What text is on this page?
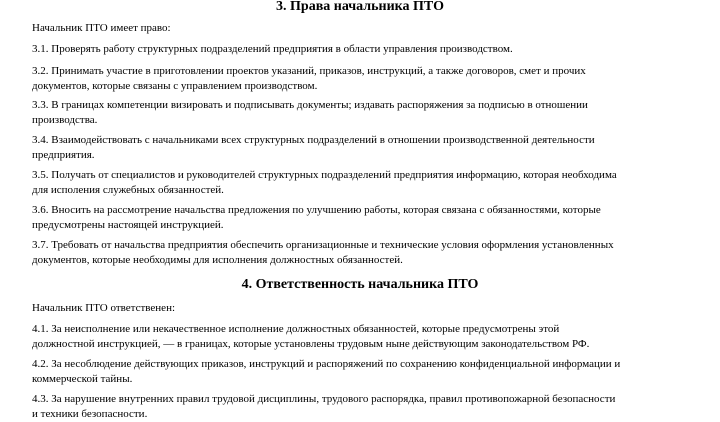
3. Права начальника ПТО

Начальник ПТО имеет право:

3.1. Проверять работу структурных подразделений предприятия в области управления производством.

3.2. Принимать участие в приготовлении проектов указаний, приказов, инструкций, а также договоров, смет и прочих
документов, которые связаны с управлением производством.

3.3. В границах компетенции визировать и подписывать документы; издавать распоряжения за подписью в отношении
производства.

3.4. Взаимодействовать с начальниками всех структурных подразделений в отношении производственной деятельности
предприятия.

3.5. Получать от специалистов и руководителей структурных подразделений предприятия информацию, которая необходима
для исполения служебных обязанностей.

3.6. Вносить на рассмотрение начальства предложения по улучшению работы, которая связана с обязанностями, которые
предусмотрены настоящей инструкцией.

3.7. Требовать от начальства предприятия обеспечить организационные и технические условия оформления установленных
документов, которые необходимы для исполнения должностных обязанностей.

4. Ответственность начальника ПТО

Начальник ПТО ответственен:

4.1. За неисполнение или некачественное исполнение должностных обязанностей, которые предусмотрены этой
должностной инструкцией, — в границах, которые установлены трудовым ныне действующим законодательством РФ.

4.2. За несоблюдение действующих приказов, инструкций и распоряжений по сохранению конфиденциальной информации и
коммерческой тайны.

4.3. За нарушение внутренних правил трудовой дисциплины, трудового распорядка, правил противопожарной безопасности
и техники безопасности.
